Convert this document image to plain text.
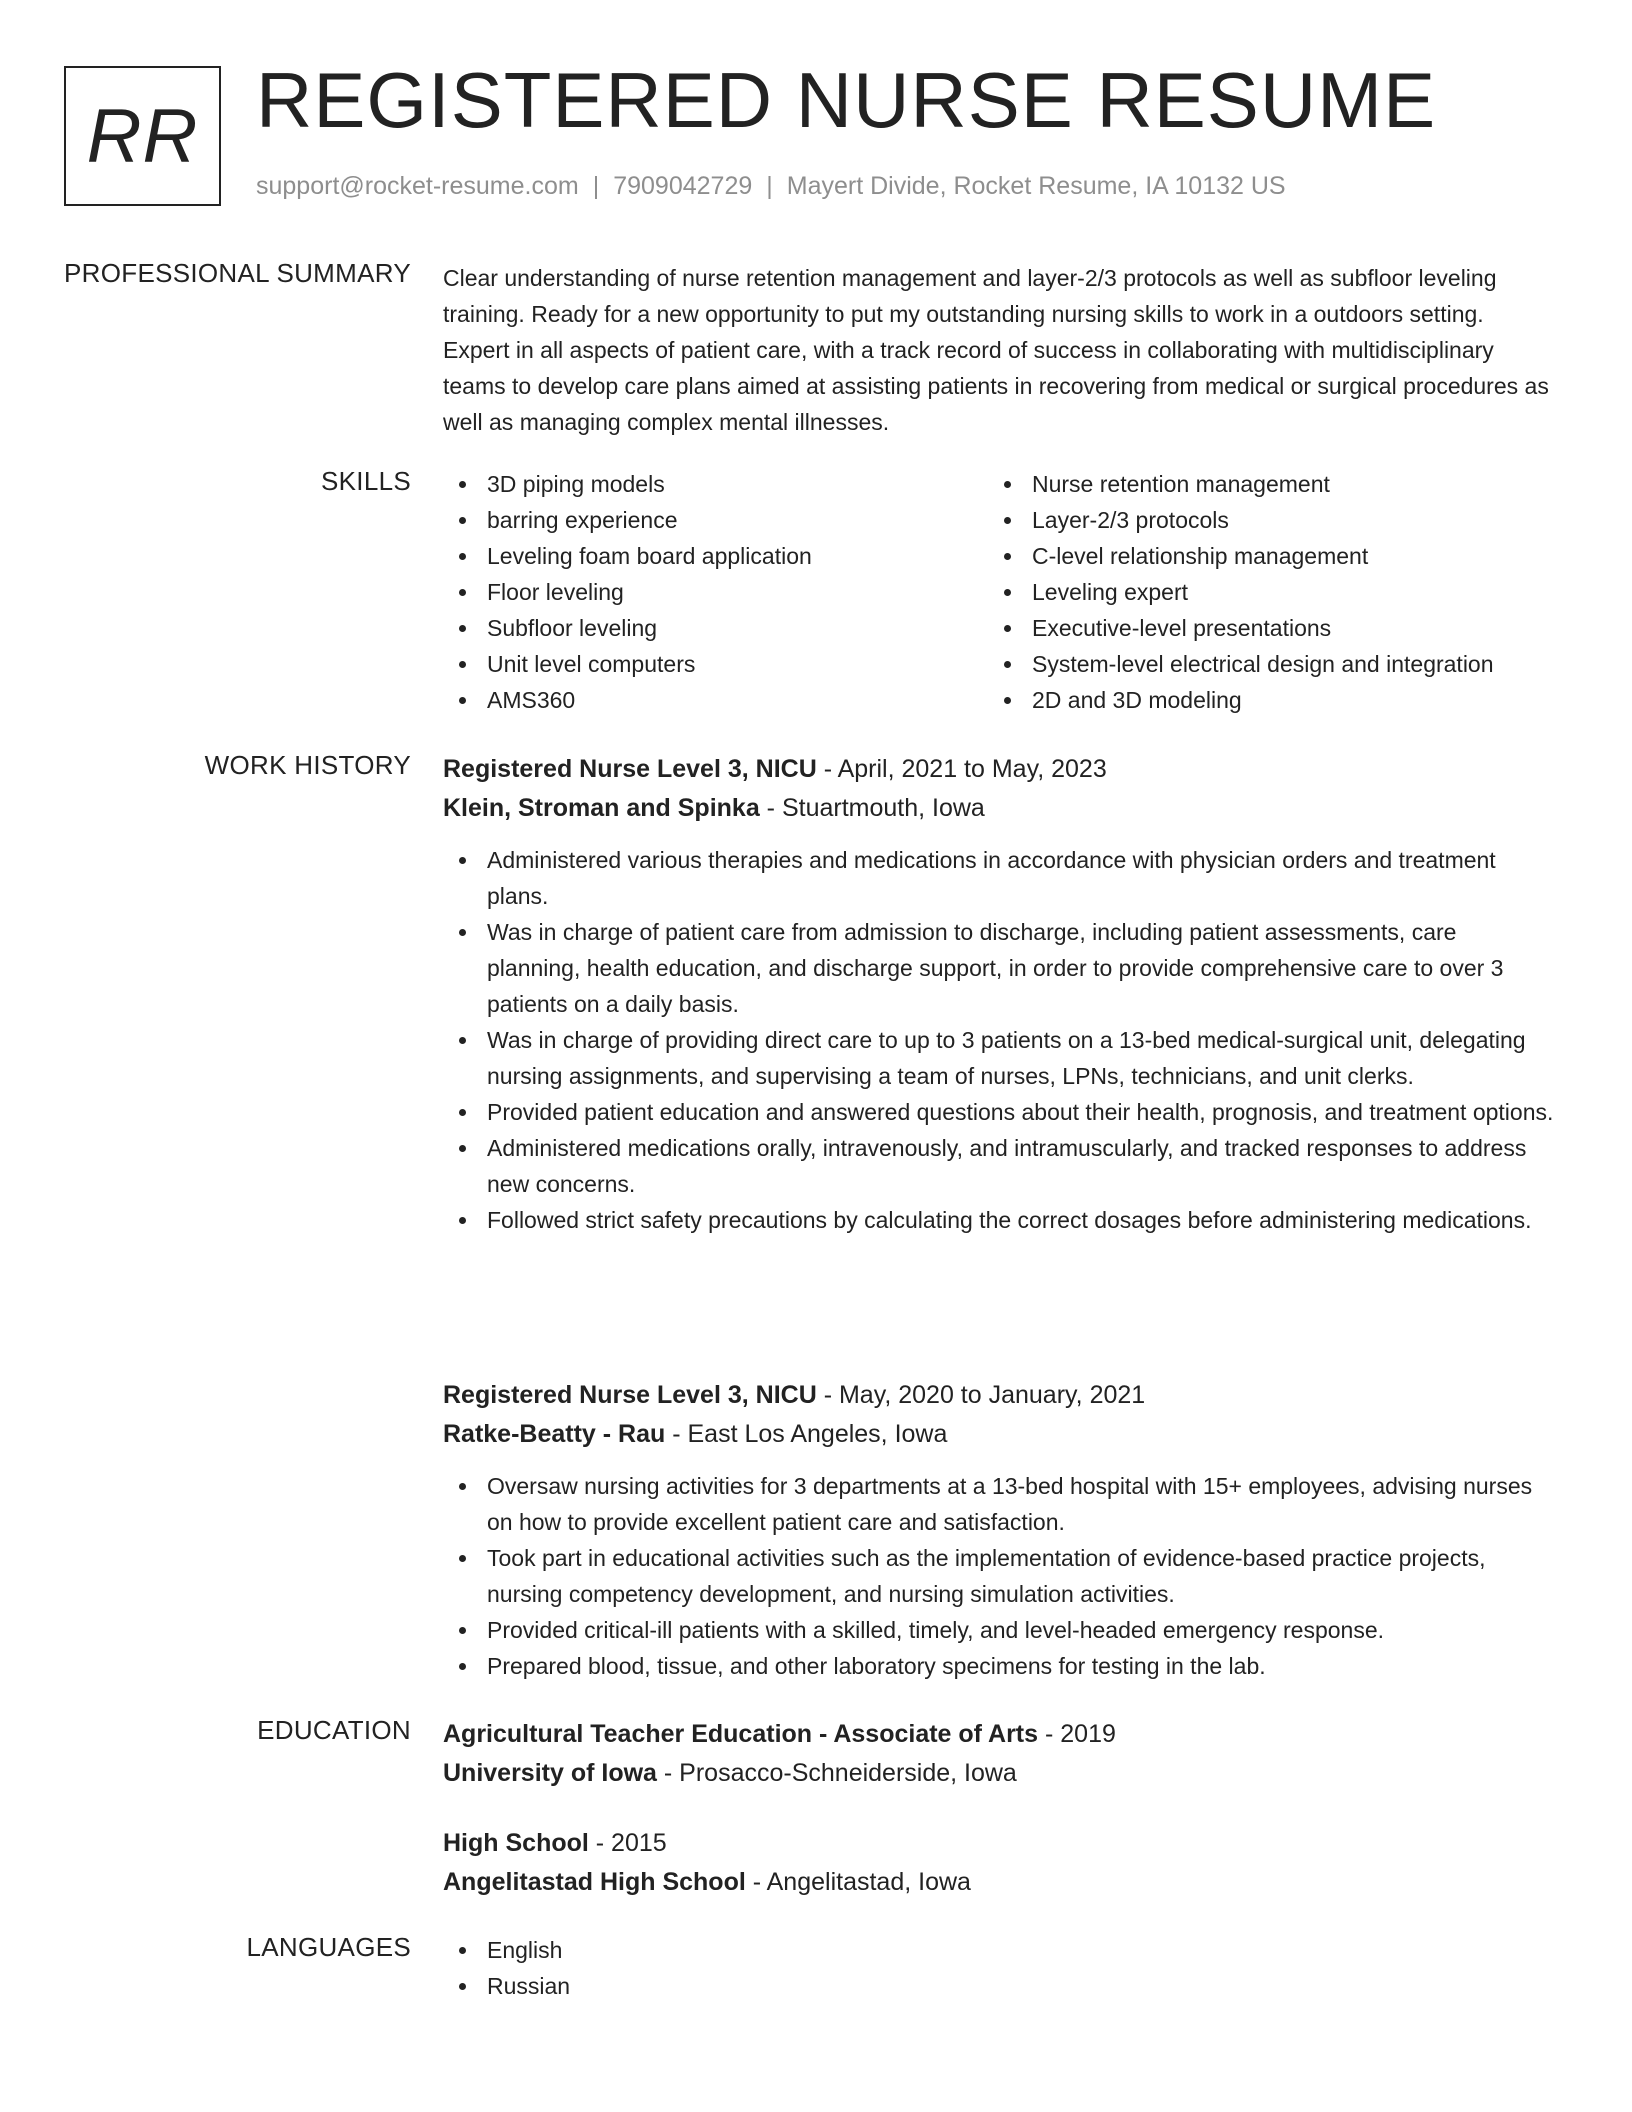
RR REGISTERED NURSE RESUME
support@rocket-resume.com | 7909042729 | Mayert Divide, Rocket Resume, IA 10132 US
PROFESSIONAL SUMMARY Clear understanding of nurse retention management and layer-2/3 protocols as well as subfloor leveling training. Ready for a new opportunity to put my outstanding nursing skills to work in a outdoors setting. Expert in all aspects of patient care, with a track record of success in collaborating with multidisciplinary teams to develop care plans aimed at assisting patients in recovering from medical or surgical procedures as well as managing complex mental illnesses.

SKILLS	3D piping models
barring experience
Leveling foam board application
Floor leveling
Subfloor leveling
Unit level computers
AMS360
Nurse retention management
Layer-2/3 protocols
C-level relationship management
Leveling expert
Executive-level presentations
System-level electrical design and integration
2D and 3D modeling
WORK HISTORY Registered Nurse Level 3, NICU - April, 2021 to May, 2023
Klein, Stroman and Spinka - Stuartmouth, Iowa
Administered various therapies and medications in accordance with physician orders and treatment plans.
Was in charge of patient care from admission to discharge, including patient assessments, care planning, health education, and discharge support, in order to provide comprehensive care to over 3 patients on a daily basis.
Was in charge of providing direct care to up to 3 patients on a 13-bed medical-surgical unit, delegating nursing assignments, and supervising a team of nurses, LPNs, technicians, and unit clerks.
Provided patient education and answered questions about their health, prognosis, and treatment options.
Administered medications orally, intravenously, and intramuscularly, and tracked responses to address new concerns.
Followed strict safety precautions by calculating the correct dosages before administering medications.
Registered Nurse Level 3, NICU - May, 2020 to January, 2021
Ratke-Beatty - Rau - East Los Angeles, Iowa
Oversaw nursing activities for 3 departments at a 13-bed hospital with 15+ employees, advising nurses on how to provide excellent patient care and satisfaction.
Took part in educational activities such as the implementation of evidence-based practice projects, nursing competency development, and nursing simulation activities.
Provided critical-ill patients with a skilled, timely, and level-headed emergency response.
Prepared blood, tissue, and other laboratory specimens for testing in the lab.
EDUCATION Agricultural Teacher Education - Associate of Arts - 2019
University of Iowa - Prosacco-Schneiderside, Iowa
High School - 2015
Angelitastad High School - Angelitastad, Iowa
LANGUAGES	English
Russian
